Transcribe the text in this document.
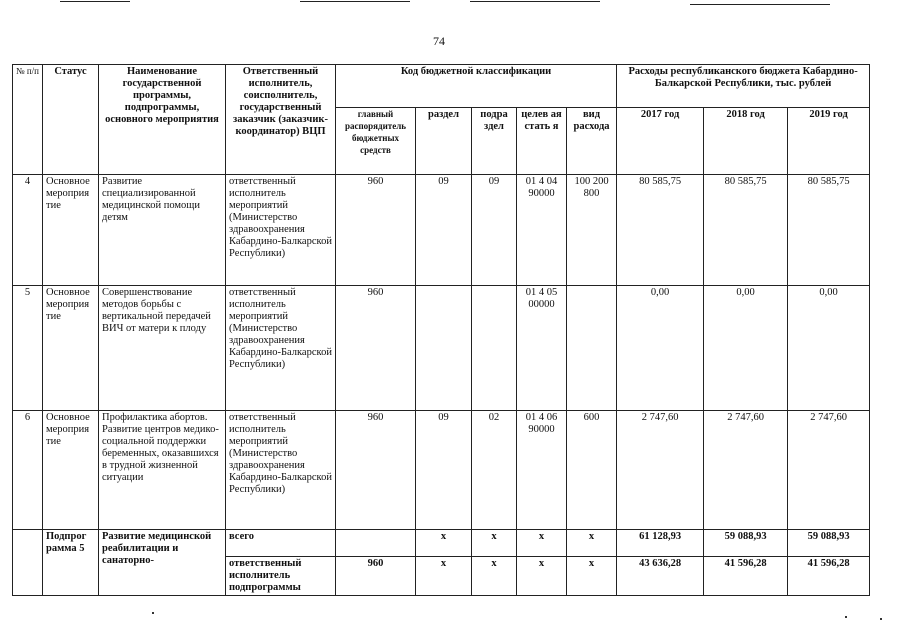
74
№ п/п	Статус	Наименование государственной программы, подпрограммы, основного мероприятия	Ответственный исполнитель, соисполнитель, государственный заказчик (заказчик-координатор) ВЦП	Код бюджетной классификации					Расходы республиканского бюджета Кабардино-Балкарской Республики, тыс. рублей		
				главный распорядитель бюджетных средств	раздел	подра здел	целев ая стать я	вид расхода	2017 год	2018 год	2019 год
4	Основное мероприя тие	Развитие специализированной медицинской помощи детям	ответственный исполнитель мероприятий (Министерство здравоохранения Кабардино-Балкарской Республики)	960	09	09	01 4 04 90000	100 200 800	80 585,75	80 585,75	80 585,75
5	Основное мероприя тие	Совершенствование методов борьбы с вертикальной передачей ВИЧ от матери к плоду	ответственный исполнитель мероприятий (Министерство здравоохранения Кабардино-Балкарской Республики)	960			01 4 05 00000		0,00	0,00	0,00
6	Основное мероприя тие	Профилактика абортов. Развитие центров медико-социальной поддержки беременных, оказавшихся в трудной жизненной ситуации	ответственный исполнитель мероприятий (Министерство здравоохранения Кабардино-Балкарской Республики)	960	09	02	01 4 06 90000	600	2 747,60	2 747,60	2 747,60
	Подпрог рамма 5	Развитие медицинской реабилитации и санаторно-	всего		х	х	х	х	61 128,93	59 088,93	59 088,93
			ответственный исполнитель подпрограммы	960	х	х	х	х	43 636,28	41 596,28	41 596,28
